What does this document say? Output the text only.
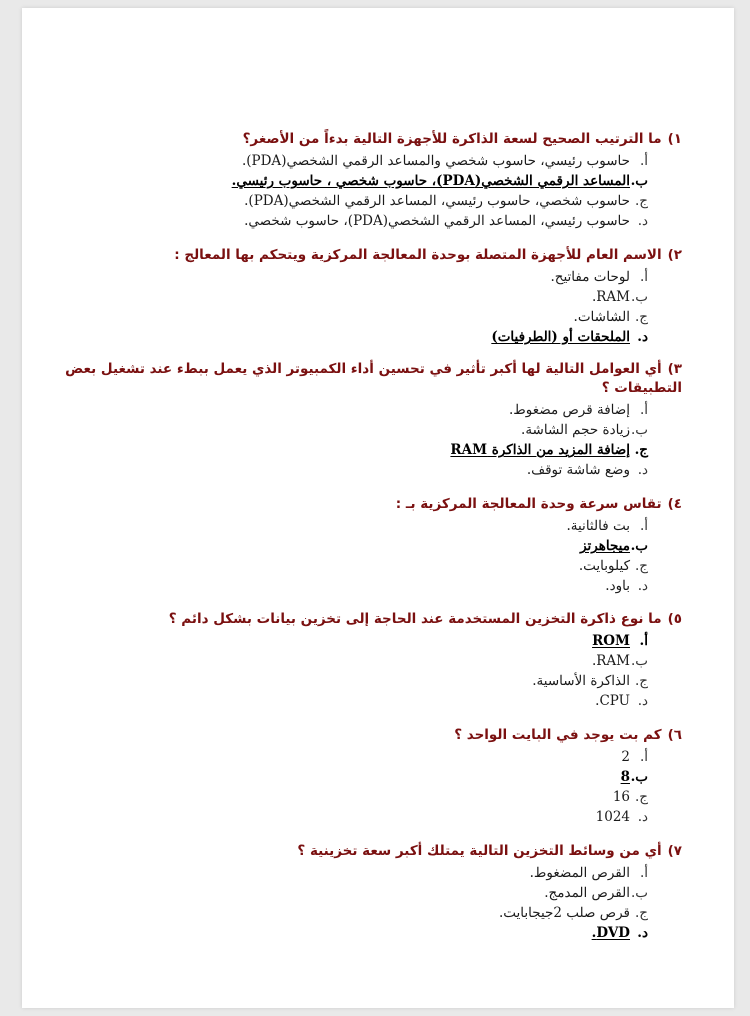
١)ما الترتيب الصحيح لسعة الذاكرة للأجهزة التالية بدءاً من الأصغر؟
أ.حاسوب رئيسي، حاسوب شخصي والمساعد الرقمي الشخصي(PDA).
ب.المساعد الرقمي الشخصي(PDA)، حاسوب شخصي ، حاسوب رئيسي.
ج.حاسوب شخصي، حاسوب رئيسي، المساعد الرقمي الشخصي(PDA).
د.حاسوب رئيسي، المساعد الرقمي الشخصي(PDA)، حاسوب شخصي.
٢)الاسم العام للأجهزة المتصلة بوحدة المعالجة المركزية ويتحكم بها المعالج :
أ.لوحات مفاتيح.
ب.RAM.
ج.الشاشات.
د.الملحقات أو (الطرفيات)
٣)أي العوامل التالية لها أكبر تأثير في تحسين أداء الكمبيوتر الذي يعمل ببطء عند تشغيل بعض التطبيقات ؟
أ.إضافة قرص مضغوط.
ب.زيادة حجم الشاشة.
ج.إضافة المزيد من الذاكرة RAM
د.وضع شاشة توقف.
٤)تقاس سرعة وحدة المعالجة المركزية بـ :
أ.بت فالثانية.
ب.ميجاهرتز
ج.كيلوبايت.
د.باود.
٥)ما نوع ذاكرة التخزين المستخدمة عند الحاجة إلى تخزين بيانات بشكل دائم ؟
أ.ROM
ب.RAM.
ج.الذاكرة الأساسية.
د.CPU.
٦)كم بت يوجد في البايت الواحد ؟
أ.2
ب.8
ج.16
د.1024
٧)أي من وسائط التخزين التالية يمتلك أكبر سعة تخزينية ؟
أ.القرص المضغوط.
ب.القرص المدمج.
ج.قرص صلب 2جيجابايت.
د.DVD.
